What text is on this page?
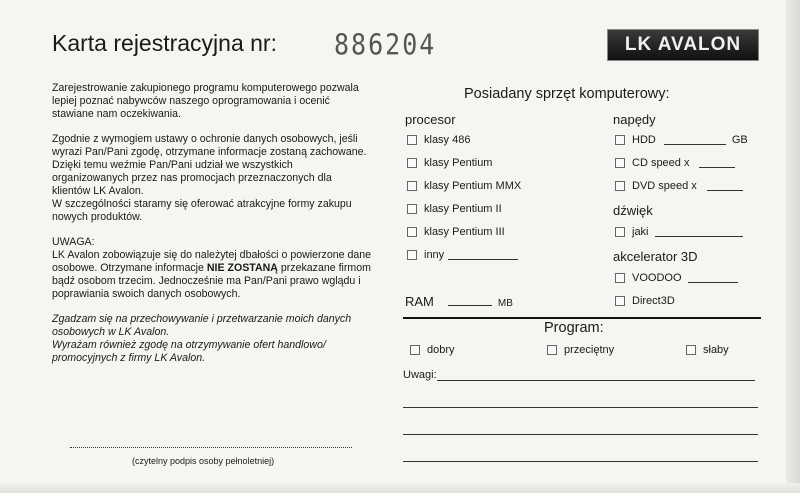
Karta rejestracyjna nr: 886204	LK AVALON

Zarejestrowanie zakupionego programu komputerowego pozwala lepiej poznać nabywców naszego oprogramowania i ocenić stawiane nam oczekiwania.

Zgodnie z wymogiem ustawy o ochronie danych osobowych, jeśli wyrazi Pan/Pani zgodę, otrzymane informacje zostaną zachowane. Dzięki temu weźmie Pan/Pani udział we wszystkich organizowanych przez nas promocjach przeznaczonych dla klientów LK Avalon.

W szczególności staramy się oferować atrakcyjne formy zakupu nowych produktów.

UWAGA:

LK Avalon zobowiązuje się do należytej dbałości o powierzone dane osobowe. Otrzymane informacje NIE ZOSTANĄ przekazane firmom bądź osobom trzecim. Jednocześnie ma Pan/Pani prawo wglądu i poprawiania swoich danych osobowych.

Zgadzam się na przechowywanie i przetwarzanie moich danych osobowych w LK Avalon.

Wyrażam również zgodę na otrzymywanie ofert handlowo/ promocyjnych z firmy LK Avalon.

(czytelny podpis osoby pełnoletniej)
Posiadany sprzęt komputerowy:
procesor
klasy 486
klasy Pentium
klasy Pentium MMX
klasy Pentium II
klasy Pentium III
inny
napędy
HDD	GB
CD speed x
DVD speed x
dźwięk
jaki
akcelerator 3D
VOODOO
Direct3D
RAM	MB
Program:
dobry	przeciętny	słaby
Uwagi:
